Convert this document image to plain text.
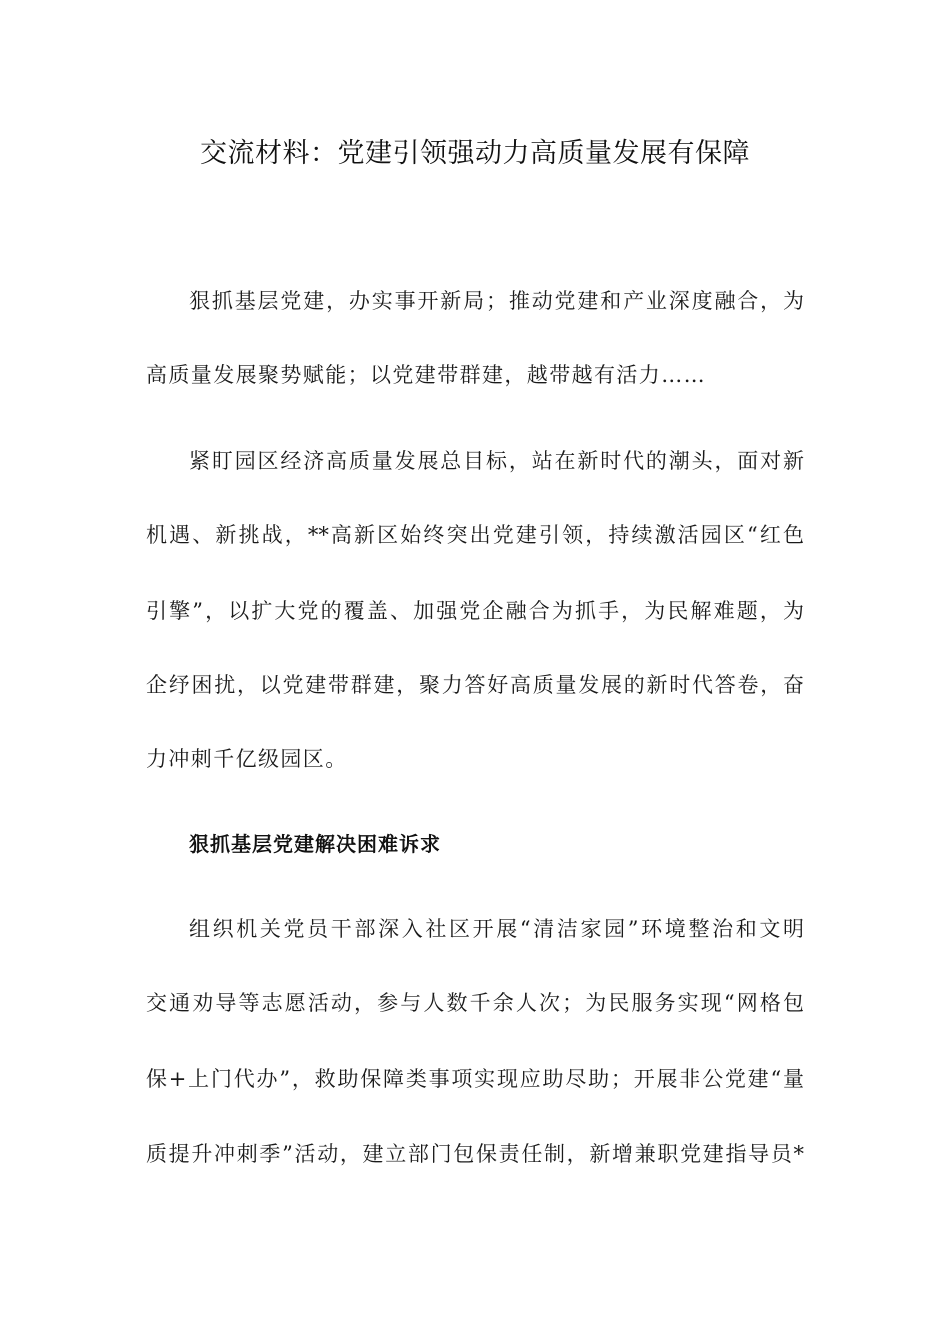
交流材料：党建引领强动力高质量发展有保障
狠抓基层党建，办实事开新局；推动党建和产业深度融合，为
高质量发展聚势赋能；以党建带群建，越带越有活力……
紧盯园区经济高质量发展总目标，站在新时代的潮头，面对新
机遇、新挑战，**高新区始终突出党建引领，持续激活园区“红色
引擎”，以扩大党的覆盖、加强党企融合为抓手，为民解难题，为
企纾困扰，以党建带群建，聚力答好高质量发展的新时代答卷，奋
力冲刺千亿级园区。
狠抓基层党建解决困难诉求
组织机关党员干部深入社区开展“清洁家园”环境整治和文明
交通劝导等志愿活动，参与人数千余人次；为民服务实现“网格包
保+上门代办”，救助保障类事项实现应助尽助；开展非公党建“量
质提升冲刺季”活动，建立部门包保责任制，新增兼职党建指导员*
